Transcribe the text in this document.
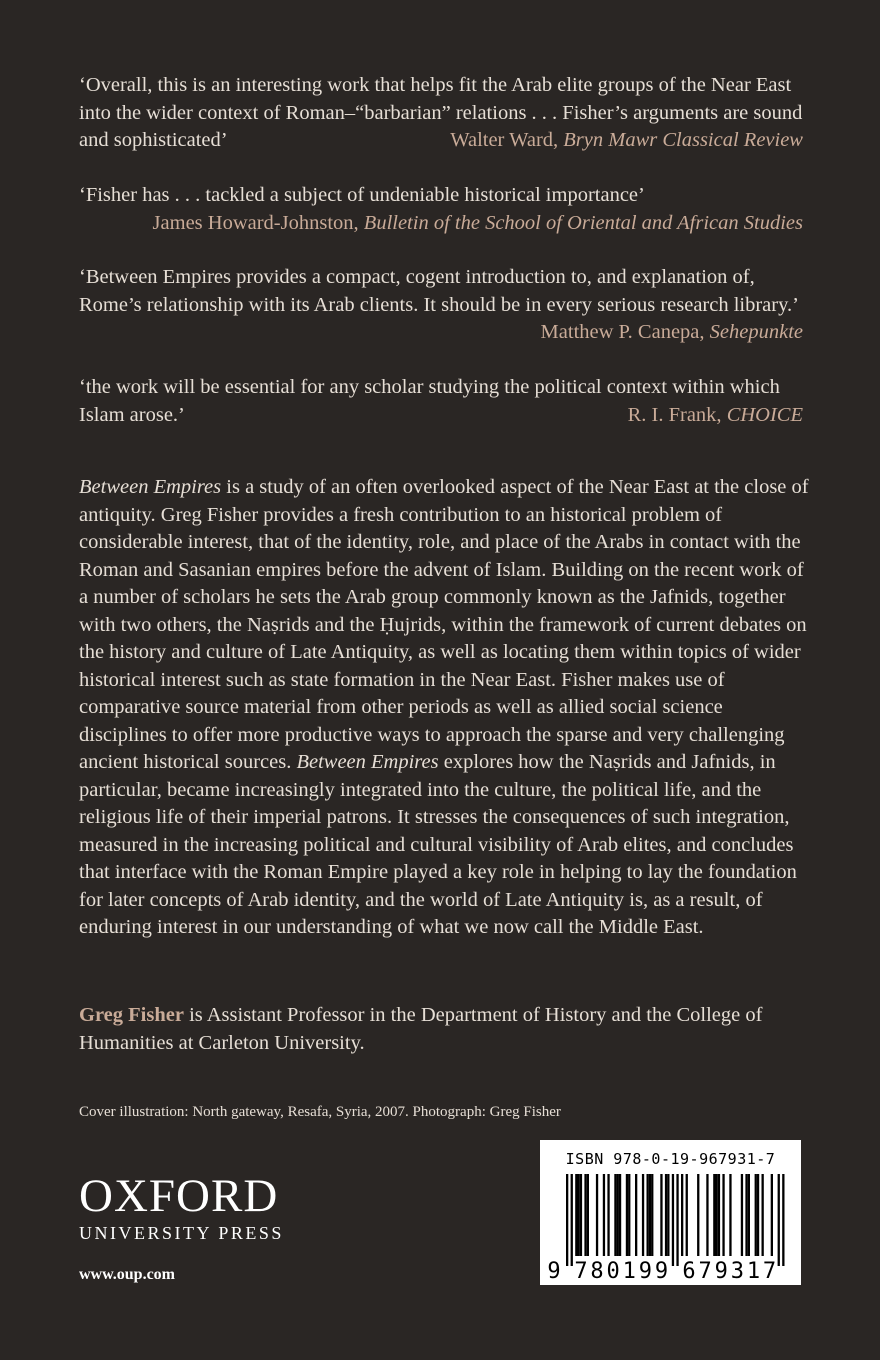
‘Overall, this is an interesting work that helps fit the Arab elite groups of the Near East into the wider context of Roman–“barbarian” relations . . . Fisher’s arguments are sound and sophisticated’	Walter Ward, Bryn Mawr Classical Review
‘Fisher has . . . tackled a subject of undeniable historical importance’
James Howard-Johnston, Bulletin of the School of Oriental and African Studies
‘Between Empires provides a compact, cogent introduction to, and explanation of, Rome’s relationship with its Arab clients. It should be in every serious research library.’
Matthew P. Canepa, Sehepunkte
‘the work will be essential for any scholar studying the political context within which Islam arose.’	R. I. Frank, CHOICE
Between Empires is a study of an often overlooked aspect of the Near East at the close of antiquity. Greg Fisher provides a fresh contribution to an historical problem of considerable interest, that of the identity, role, and place of the Arabs in contact with the Roman and Sasanian empires before the advent of Islam. Building on the recent work of a number of scholars he sets the Arab group commonly known as the Jafnids, together with two others, the Naṣrids and the Ḥujrids, within the framework of current debates on the history and culture of Late Antiquity, as well as locating them within topics of wider historical interest such as state formation in the Near East. Fisher makes use of comparative source material from other periods as well as allied social science disciplines to offer more productive ways to approach the sparse and very challenging ancient historical sources. Between Empires explores how the Naṣrids and Jafnids, in particular, became increasingly integrated into the culture, the political life, and the religious life of their imperial patrons. It stresses the consequences of such integration, measured in the increasing political and cultural visibility of Arab elites, and concludes that interface with the Roman Empire played a key role in helping to lay the foundation for later concepts of Arab identity, and the world of Late Antiquity is, as a result, of enduring interest in our understanding of what we now call the Middle East.
Greg Fisher is Assistant Professor in the Department of History and the College of Humanities at Carleton University.
Cover illustration: North gateway, Resafa, Syria, 2007. Photograph: Greg Fisher
OXFORD
UNIVERSITY PRESS
www.oup.com
ISBN 978-0-19-967931-7
9 7 8 0 1 9 9 6 7 9 3 1 7
